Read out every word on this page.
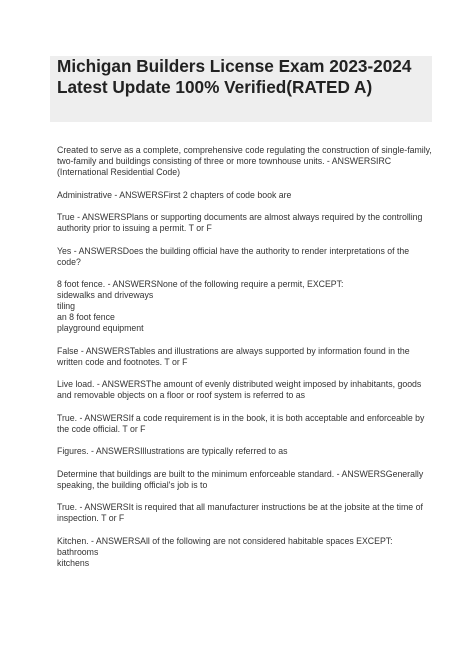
Michigan Builders License Exam 2023-2024 Latest Update 100% Verified(RATED A)

Created to serve as a complete, comprehensive code regulating the construction of single-family, two-family and buildings consisting of three or more townhouse units. - ANSWERSIRC (International Residential Code)

Administrative - ANSWERSFirst 2 chapters of code book are

True - ANSWERSPlans or supporting documents are almost always required by the controlling authority prior to issuing a permit. T or F

Yes - ANSWERSDoes the building official have the authority to render interpretations of the code?

8 foot fence. - ANSWERSNone of the following require a permit, EXCEPT:
sidewalks and driveways
tiling
an 8 foot fence
playground equipment

False - ANSWERSTables and illustrations are always supported by information found in the written code and footnotes. T or F

Live load. - ANSWERSThe amount of evenly distributed weight imposed by inhabitants, goods and removable objects on a floor or roof system is referred to as

True. - ANSWERSIf a code requirement is in the book, it is both acceptable and enforceable by the code official. T or F

Figures. - ANSWERSIllustrations are typically referred to as

Determine that buildings are built to the minimum enforceable standard. - ANSWERSGenerally speaking, the building official's job is to

True. - ANSWERSIt is required that all manufacturer instructions be at the jobsite at the time of inspection. T or F

Kitchen. - ANSWERSAll of the following are not considered habitable spaces EXCEPT:
bathrooms
kitchens
